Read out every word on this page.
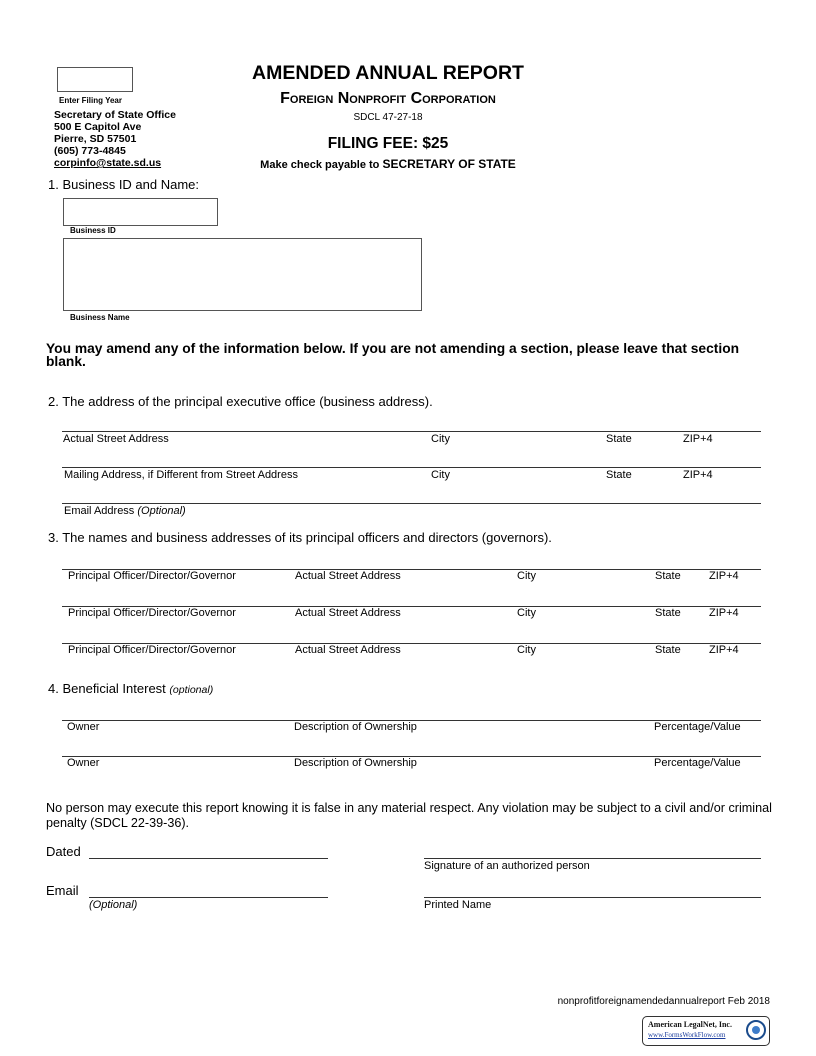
Enter Filing Year
Secretary of State Office
500 E Capitol Ave
Pierre, SD 57501
(605) 773-4845
corpinfo@state.sd.us
AMENDED ANNUAL REPORT
Foreign Nonprofit Corporation
SDCL 47-27-18
FILING FEE: $25
Make check payable to SECRETARY OF STATE
1. Business ID and Name:
Business ID
Business Name
You may amend any of the information below. If you are not amending a section, please leave that section blank.
2. The address of the principal executive office (business address).
Actual Street Address	City	State	ZIP+4
Mailing Address, if Different from Street Address	City	State	ZIP+4
Email Address (Optional)
3. The names and business addresses of its principal officers and directors (governors).
Principal Officer/Director/Governor	Actual Street Address	City	State	ZIP+4
Principal Officer/Director/Governor	Actual Street Address	City	State	ZIP+4
Principal Officer/Director/Governor	Actual Street Address	City	State	ZIP+4
4. Beneficial Interest (optional)
Owner	Description of Ownership	Percentage/Value
Owner	Description of Ownership	Percentage/Value
No person may execute this report knowing it is false in any material respect. Any violation may be subject to a civil and/or criminal penalty (SDCL 22-39-36).
Dated
Signature of an authorized person
Email
(Optional)	Printed Name
nonprofitforeignamendedannualreport Feb 2018
American LegalNet, Inc.
www.FormsWorkFlow.com
